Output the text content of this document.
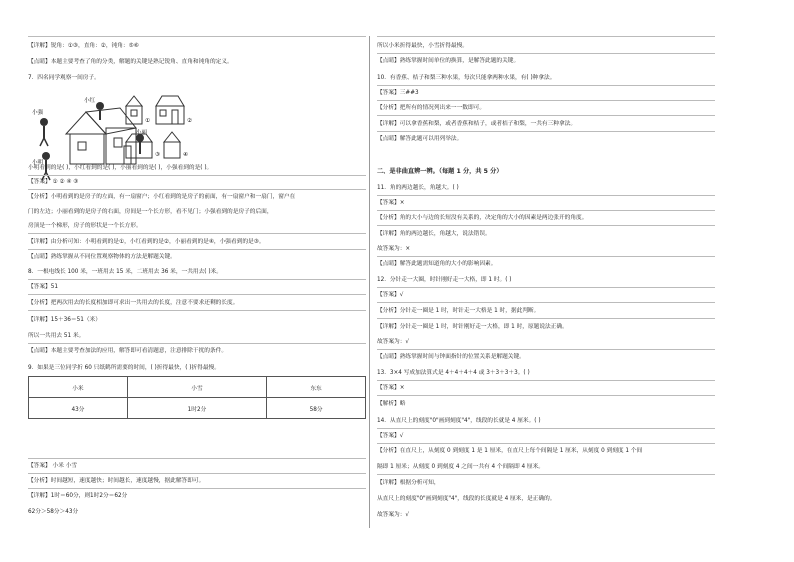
【详解】锐角：①③，直角：②，钝角：⑤⑥
【点睛】本题主要考查了角的分类，解题的关键是熟记锐角、直角和钝角的定义。
7．四名同学观察一间房子。
小强
小红
小明
小丽
①	②
③	④
小明看到的是( )，小红看到的是( )，小丽看到的是( )，小强看到的是( )。
【答案】 ① ② ④ ③
【分析】小明看到的是房子的左面，有一扇窗户；小红看到的是房子的前面，有一扇窗户和一扇门，窗户在
门的左边；小丽看到的是房子的右面，房间是一个长方形，看不见门；小强看到的是房子的后面，
房顶是一个梯形，房子的形状是一个长方形。
【详解】由分析可知：小明看到的是①，小红看到的是②，小丽看到的是④，小强看到的是③。
【点睛】熟练掌握从不同位置观察物体的方法是解题关键。
8．一根电线长 100 米，一班用去 15 米，二班用去 36 米，一共用去( )米。
【答案】51
【分析】把两次用去的长度相加即可求出一共用去的长度，注意不要求还剩的长度。
【详解】15＋36＝51（米）
所以一共用去 51 米。
【点睛】本题主要考查加法的应用，解答即可看清题意，注意排除干扰的条件。
9．如果是三位同学折 60 只纸鹤所需要的时间，( )折得最快，( )折得最慢。
小米	小雪	东东
43分	1时2分	58分
【答案】 小米 小雪
【分析】时间越短，速度越快；时间越长，速度越慢，据此解答即可。
【详解】1时＝60分，则1时2分＝62分
62分＞58分＞43分
所以小米折得最快，小雪折得最慢。
【点睛】熟练掌握时间单位的换算，是解答此题的关键。
10．有香蕉、桔子和梨三种水果，每次只能拿两种水果，有( )种拿法。
【答案】三##3
【分析】把所有的情况列出来一一数即可。
【详解】可以拿香蕉和梨，或者香蕉和桔子，或者桔子和梨，一共有三种拿法。
【点睛】解答此题可以用列举法。
二、是非曲直辨一辨。（每题 1 分，共 5 分）
11．角的两边越长，角越大。( )
【答案】×
【分析】角的大小与边的长短没有关系的，决定角的大小的因素是两边张开的角度。
【详解】角的两边越长，角越大，说法错误。
故答案为：×
【点睛】解答此题需知道角的大小的影响因素。
12．分针走一大圈，时针刚好走一大格，即 1 时。( )
【答案】√
【分析】分针走一圈是 1 时，时针走一大格是 1 时，据此判断。
【详解】分针走一圈是 1 时，时针刚好走一大格，即 1 时，原题说法正确。
故答案为：√
【点睛】熟练掌握时间与钟面指针的位置关系是解题关键。
13．3×4 写成加法算式是 4＋4＋4＋4 或 3＋3＋3＋3。( )
【答案】×
【解析】略
14．从直尺上的刻度"0"画到刻度"4"，线段的长就是 4 厘米。( )
【答案】√
【分析】在直尺上，从刻度 0 到刻度 1 是 1 厘米，在直尺上每个间隔是 1 厘米，从刻度 0 到刻度 1 个间
隔即 1 厘米；从刻度 0 到刻度 4 之间一共有 4 个间隔即 4 厘米。
【详解】根据分析可知，
从直尺上的刻度"0"画到刻度"4"，线段的长度就是 4 厘米，是正确的。
故答案为：√
